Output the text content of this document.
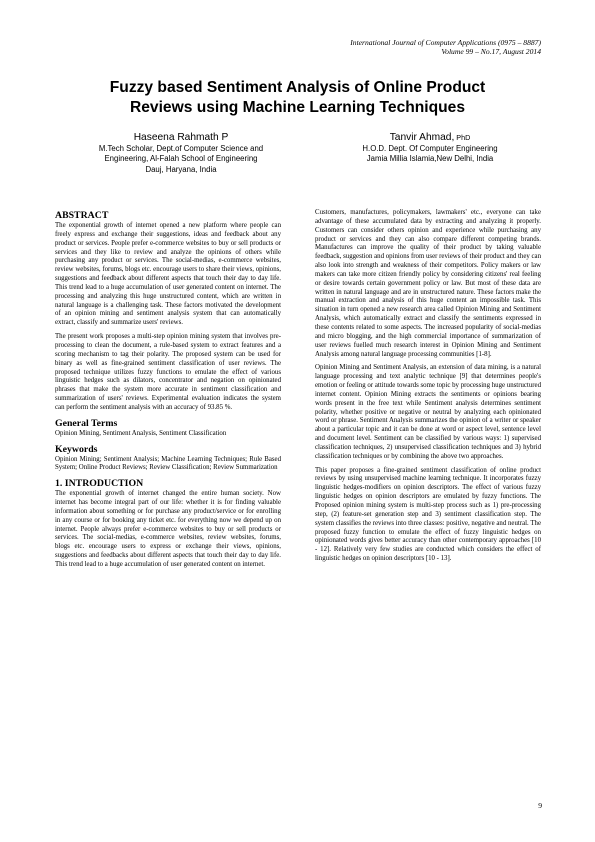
International Journal of Computer Applications (0975 – 8887)
Volume 99 – No.17, August 2014
Fuzzy based Sentiment Analysis of Online Product
Reviews using Machine Learning Techniques
Haseena Rahmath P
M.Tech Scholar, Dept.of Computer Science and
Engineering, Al-Falah School of Engineering
Dauj, Haryana, India
Tanvir Ahmad, PhD
H.O.D. Dept. Of Computer Engineering
Jamia Millia Islamia,New Delhi, India
ABSTRACT

The exponential growth of internet opened a new platform where people can freely express and exchange their suggestions, ideas and feedback about any product or services. People prefer e-commerce websites to buy or sell products or services and they like to review and analyze the opinions of others while purchasing any product or services. The social-medias, e-commerce websites, review websites, forums, blogs etc. encourage users to share their views, opinions, suggestions and feedback about different aspects that touch their day to day life. This trend lead to a huge accumulation of user generated content on internet. The processing and analyzing this huge unstructured content, which are written in natural language is a challenging task. These factors motivated the development of an opinion mining and sentiment analysis system that can automatically extract, classify and summarize users' reviews.

The present work proposes a multi-step opinion mining system that involves pre-processing to clean the document, a rule-based system to extract features and a scoring mechanism to tag their polarity. The proposed system can be used for binary as well as fine-grained sentiment classification of user reviews. The proposed technique utilizes fuzzy functions to emulate the effect of various linguistic hedges such as dilators, concentrator and negation on opinionated phrases that make the system more accurate in sentiment classification and summarization of users' reviews. Experimental evaluation indicates the system can perform the sentiment analysis with an accuracy of 93.85 %.

General Terms

Opinion Mining, Sentiment Analysis, Sentiment Classification

Keywords

Opinion Mining; Sentiment Analysis; Machine Learning Techniques; Rule Based System; Online Product Reviews; Review Classification; Review Summarization

1. INTRODUCTION

The exponential growth of internet changed the entire human society. Now internet has become integral part of our life: whether it is for finding valuable information about something or for purchase any product/service or for enrolling in any course or for booking any ticket etc. for everything now we depend up on internet. People always prefer e-commerce websites to buy or sell products or services. The social-medias, e-commerce websites, review websites, forums, blogs etc. encourage users to express or exchange their views, opinions, suggestions and feedbacks about different aspects that touch their day to day life. This trend lead to a huge accumulation of user generated content on internet.

Customers, manufactures, policymakers, lawmakers' etc., everyone can take advantage of these accumulated data by extracting and analyzing it properly. Customers can consider others opinion and experience while purchasing any product or services and they can also compare different competing brands. Manufactures can improve the quality of their product by taking valuable feedback, suggestion and opinions from user reviews of their product and they can also look into strength and weakness of their competitors. Policy makers or law makers can take more citizen friendly policy by considering citizens' real feeling or desire towards certain government policy or law. But most of these data are written in natural language and are in unstructured nature. These factors make the manual extraction and analysis of this huge content an impossible task. This situation in turn opened a new research area called Opinion Mining and Sentiment Analysis, which automatically extract and classify the sentiments expressed in these contents related to some aspects. The increased popularity of social-medias and micro blogging, and the high commercial importance of summarization of user reviews fuelled much research interest in Opinion Mining and Sentiment Analysis among natural language processing communities [1-8].

Opinion Mining and Sentiment Analysis, an extension of data mining, is a natural language processing and text analytic technique [9] that determines people's emotion or feeling or attitude towards some topic by processing huge unstructured internet content. Opinion Mining extracts the sentiments or opinions bearing words present in the free text while Sentiment analysis determines sentiment polarity, whether positive or negative or neutral by analyzing each opinionated word or phrase. Sentiment Analysis summarizes the opinion of a writer or speaker about a particular topic and it can be done at word or aspect level, sentence level and document level. Sentiment can be classified by various ways: 1) supervised classification techniques, 2) unsupervised classification techniques and 3) hybrid classification techniques or by combining the above two approaches.

This paper proposes a fine-grained sentiment classification of online product reviews by using unsupervised machine learning technique. It incorporates fuzzy linguistic hedges-modifiers on opinion descriptors. The effect of various fuzzy linguistic hedges on opinion descriptors are emulated by fuzzy functions. The Proposed opinion mining system is multi-step process such as 1) pre-processing step, (2) feature-set generation step and 3) sentiment classification step. The system classifies the reviews into three classes: positive, negative and neutral. The proposed fuzzy function to emulate the effect of fuzzy linguistic hedges on opinionated words gives better accuracy than other contemporary approaches [10 - 12]. Relatively very few studies are conducted which considers the effect of linguistic hedges on opinion descriptors [10 - 13].

9
